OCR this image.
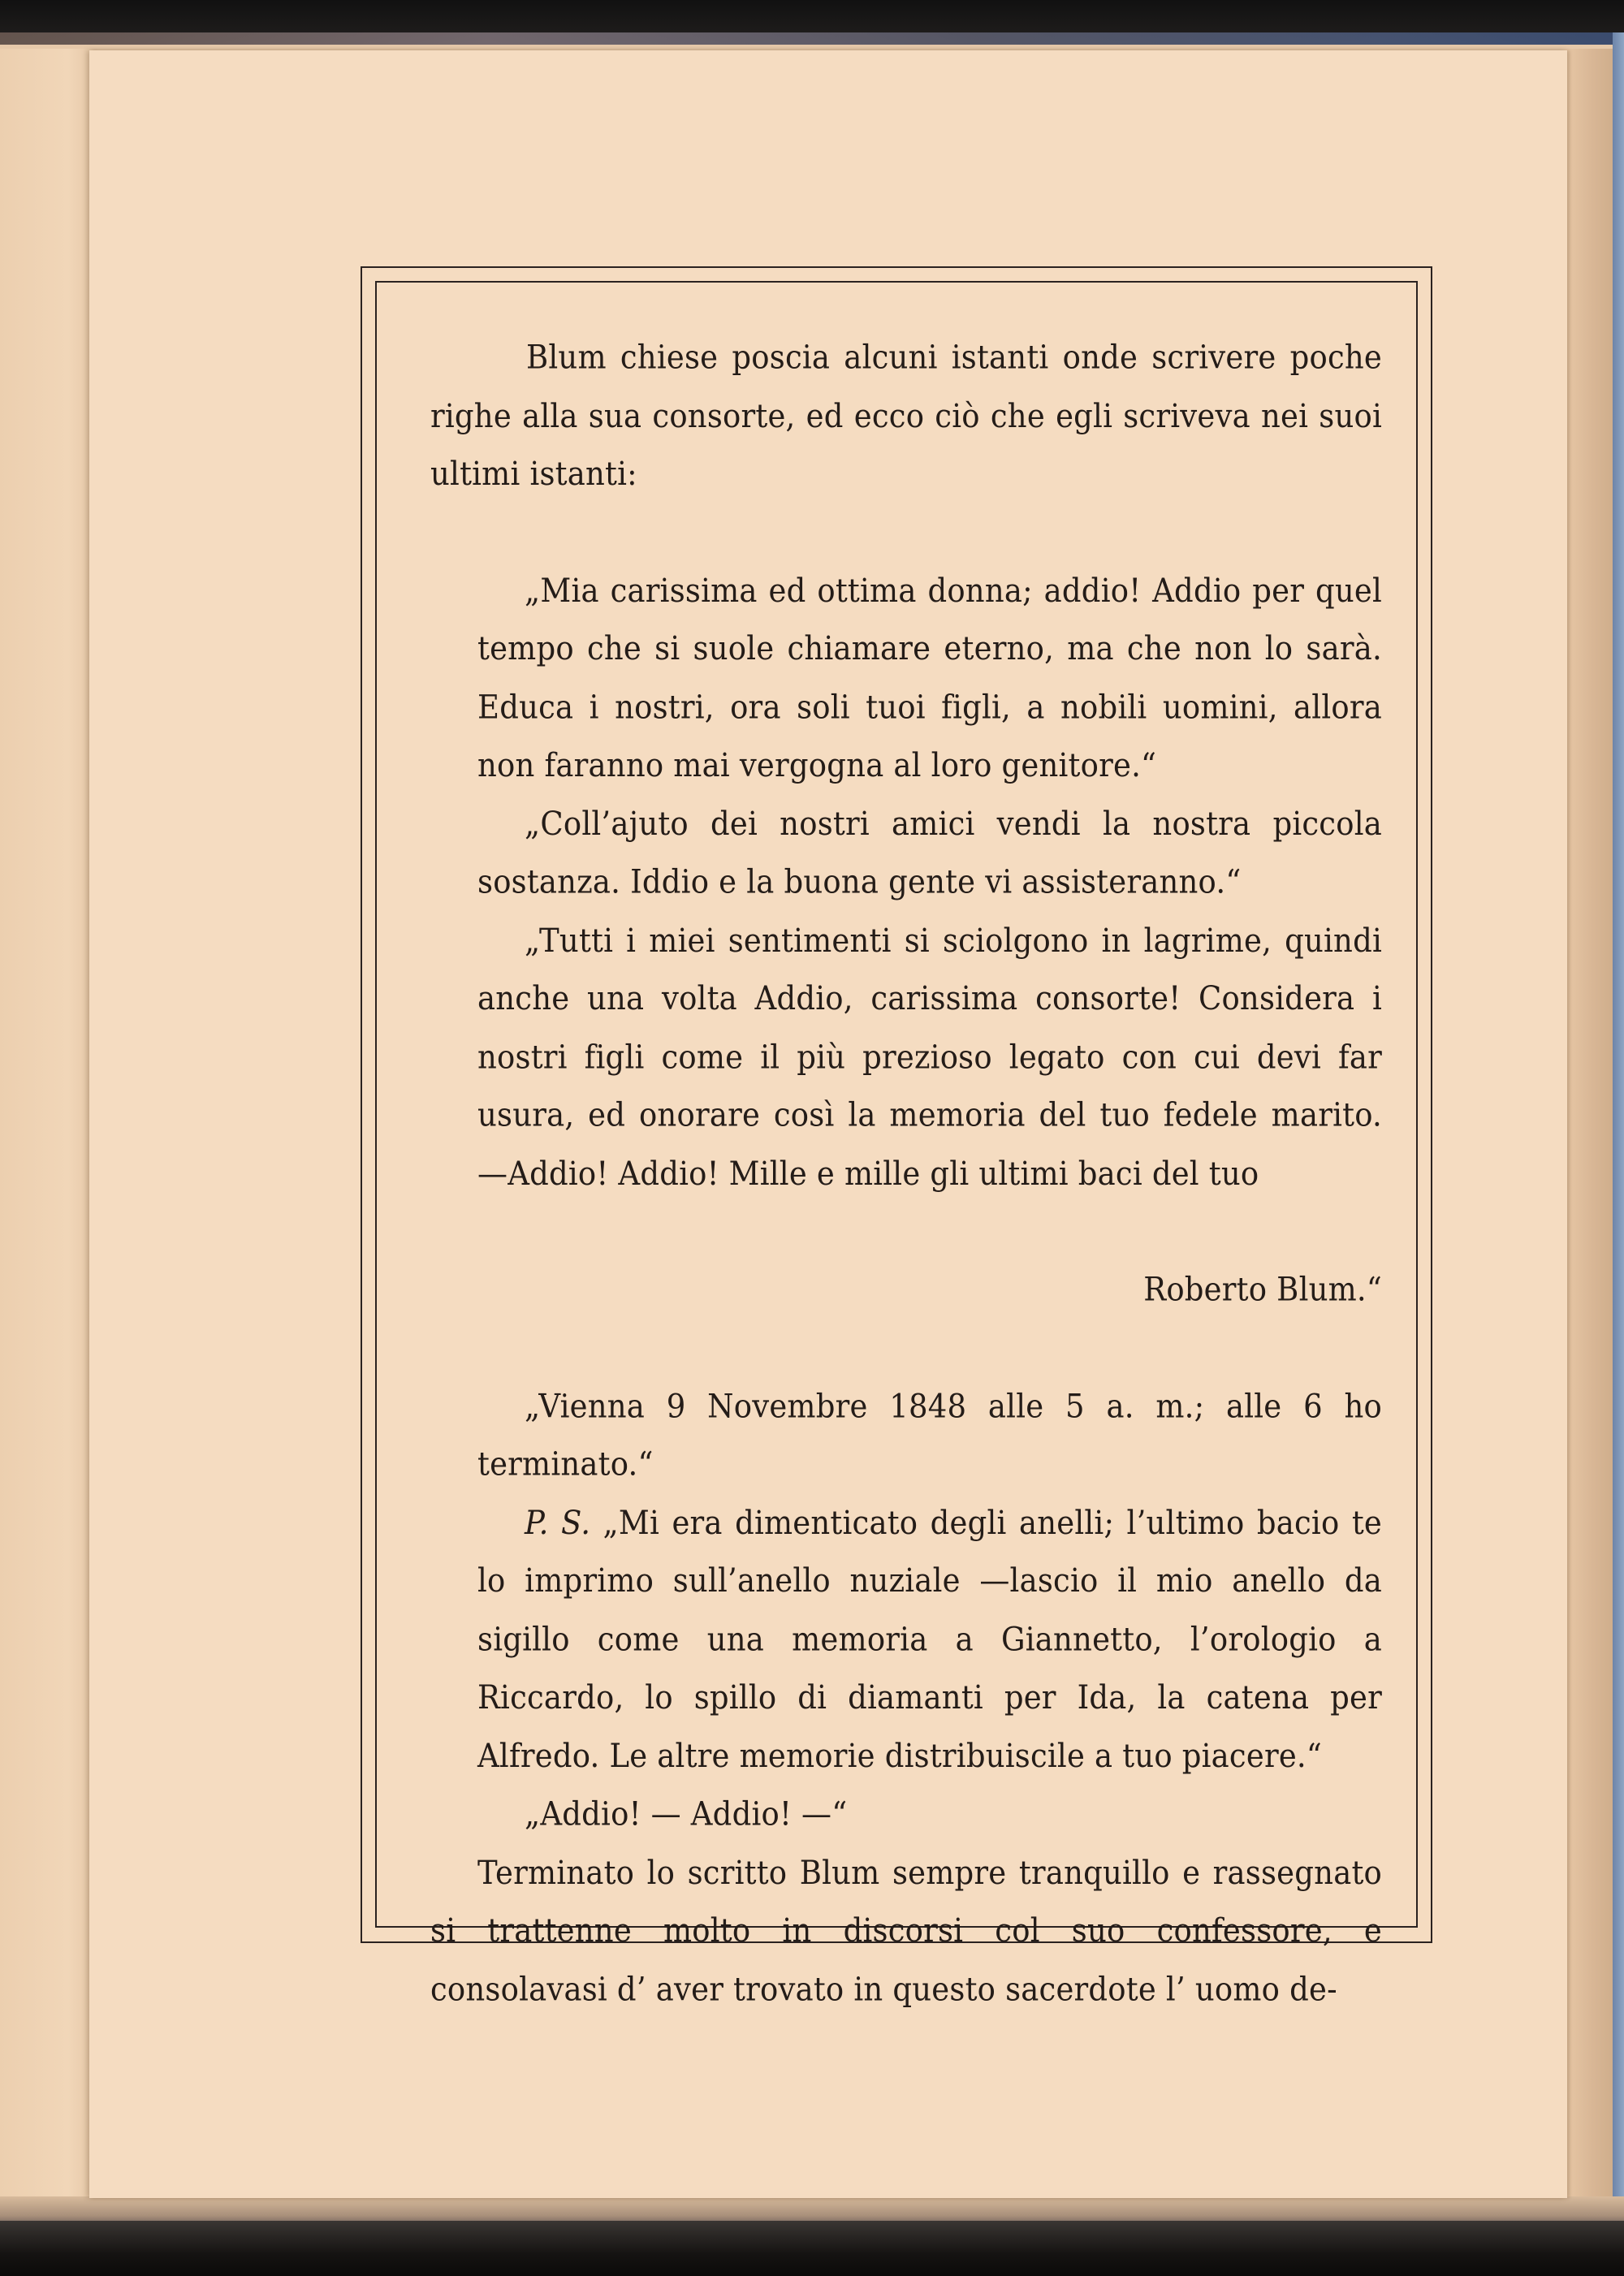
Blum chiese poscia alcuni istanti onde scrivere poche righe alla sua consorte, ed ecco ciò che egli scriveva nei suoi ultimi istanti:

„Mia carissima ed ottima donna; addio! Addio per quel tempo che si suole chiamare eterno, ma che non lo sarà. Educa i nostri, ora soli tuoi figli, a nobili uomini, allora non faranno mai vergogna al loro genitore.“

„Coll’ajuto dei nostri amici vendi la nostra piccola sostanza. Iddio e la buona gente vi assisteranno.“

„Tutti i miei sentimenti si sciolgono in lagrime, quindi anche una volta Addio, carissima consorte! Considera i nostri figli come il più prezioso legato con cui devi far usura, ed onorare così la memoria del tuo fedele marito. —Addio! Addio! Mille e mille gli ultimi baci del tuo

Roberto Blum.“

„Vienna 9 Novembre 1848 alle 5 a. m.; alle 6 ho terminato.“

P. S. „Mi era dimenticato degli anelli; l’ultimo bacio te lo imprimo sull’anello nuziale —lascio il mio anello da sigillo come una memoria a Giannetto, l’orologio a Riccardo, lo spillo di diamanti per Ida, la catena per Alfredo. Le altre memorie distribuiscile a tuo piacere.“

„Addio! — Addio! —“

Terminato lo scritto Blum sempre tranquillo e rassegnato si trattenne molto in discorsi col suo confessore, e consolavasi d’ aver trovato in questo sacerdote l’ uomo de-
